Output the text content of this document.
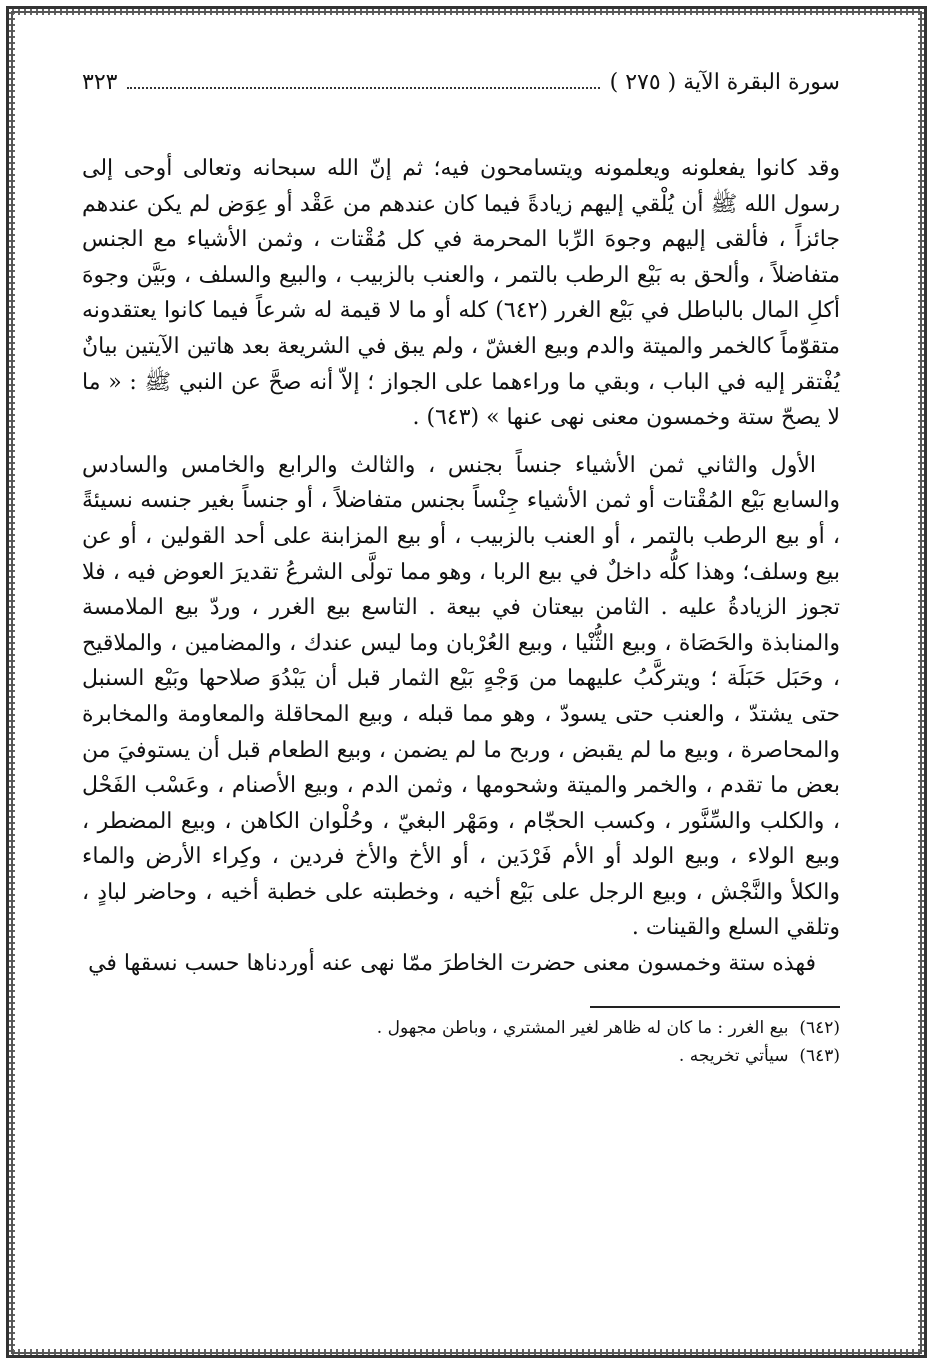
سورة البقرة الآية ( ٢٧٥ )
٣٢٣

وقد كانوا يفعلونه ويعلمونه ويتسامحون فيه؛ ثم إنّ الله سبحانه وتعالى أوحى إلى رسول الله ﷺ أن يُلْقي إليهم زيادةً فيما كان عندهم من عَقْد أو عِوَض لم يكن عندهم جائزاً ، فألقى إليهم وجوهَ الرِّبا المحرمة في كل مُقْتات ، وثمن الأشياء مع الجنس متفاضلاً ، وألحق به بَيْع الرطب بالتمر ، والعنب بالزبيب ، والبيع والسلف ، وبَيَّن وجوهَ أكلِ المال بالباطل في بَيْع الغرر (٦٤٢) كله أو ما لا قيمة له شرعاً فيما كانوا يعتقدونه متقوّماً كالخمر والميتة والدم وبيع الغشّ ، ولم يبق في الشريعة بعد هاتين الآيتين بيانٌ يُفْتقر إليه في الباب ، وبقي ما وراءهما على الجواز ؛ إلاّ أنه صحَّ عن النبي ﷺ : « ما لا يصحّ ستة وخمسون معنى نهى عنها » (٦٤٣) .

الأول والثاني ثمن الأشياء جنساً بجنس ، والثالث والرابع والخامس والسادس والسابع بَيْع المُقْتات أو ثمن الأشياء جِنْساً بجنس متفاضلاً ، أو جنساً بغير جنسه نسيئةً ، أو بيع الرطب بالتمر ، أو العنب بالزبيب ، أو بيع المزابنة على أحد القولين ، أو عن بيع وسلف؛ وهذا كلُّه داخلٌ في بيع الربا ، وهو مما تولَّى الشرعُ تقديرَ العوض فيه ، فلا تجوز الزيادةُ عليه . الثامن بيعتان في بيعة . التاسع بيع الغرر ، وردّ بيع الملامسة والمنابذة والحَصَاة ، وبيع الثُّنْيا ، وبيع العُرْبان وما ليس عندك ، والمضامين ، والملاقيح ، وحَبَل حَبَلَة ؛ ويتركَّبُ عليهما من وَجْهٍ بَيْع الثمار قبل أن يَبْدُوَ صلاحها وبَيْع السنبل حتى يشتدّ ، والعنب حتى يسودّ ، وهو مما قبله ، وبيع المحاقلة والمعاومة والمخابرة والمحاصرة ، وبيع ما لم يقبض ، وربح ما لم يضمن ، وبيع الطعام قبل أن يستوفيَ من بعض ما تقدم ، والخمر والميتة وشحومها ، وثمن الدم ، وبيع الأصنام ، وعَسْب الفَحْل ، والكلب والسِّنَّور ، وكسب الحجّام ، ومَهْر البغيّ ، وحُلْوان الكاهن ، وبيع المضطر ، وبيع الولاء ، وبيع الولد أو الأم فَرْدَين ، أو الأخ والأخ فردين ، وكِراء الأرض والماء والكلأ والنَّجْش ، وبيع الرجل على بَيْع أخيه ، وخطبته على خطبة أخيه ، وحاضر لبادٍ ، وتلقي السلع والقينات .

فهذه ستة وخمسون معنى حضرت الخاطرَ ممّا نهى عنه أوردناها حسب نسقها في

(٦٤٢)  بيع الغرر : ما كان له ظاهر لغير المشتري ، وباطن مجهول .

(٦٤٣)  سيأتي تخريجه .
